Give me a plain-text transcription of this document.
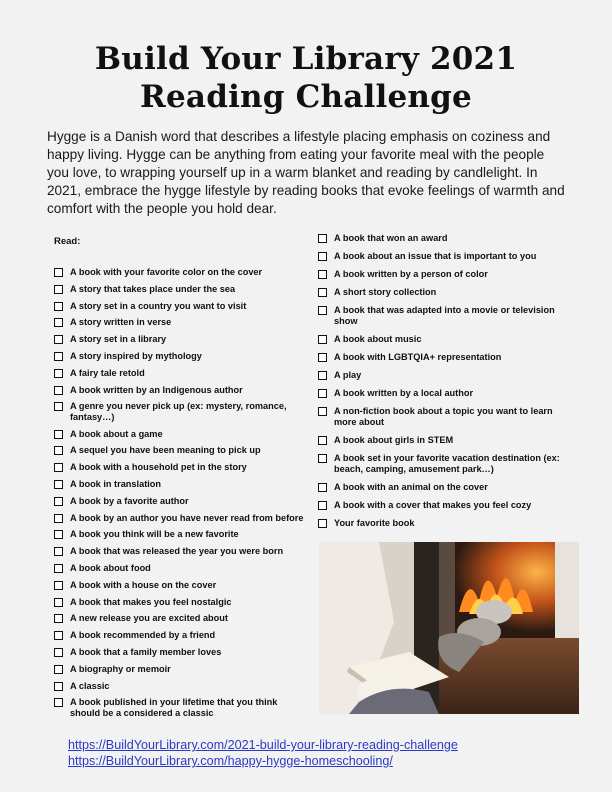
Build Your Library 2021
Reading Challenge
Hygge is a Danish word that describes a lifestyle placing emphasis on coziness and happy living. Hygge can be anything from eating your favorite meal with the people you love, to wrapping yourself up in a warm blanket and reading by candlelight. In 2021, embrace the hygge lifestyle by reading books that evoke feelings of warmth and comfort with the people you hold dear.
Read:
A book with your favorite color on the cover
A story that takes place under the sea
A story set in a country you want to visit
A story written in verse
A story set in a library
A story inspired by mythology
A fairy tale retold
A book written by an Indigenous author
A genre you never pick up (ex: mystery, romance, fantasy…)
A book about a game
A sequel you have been meaning to pick up
A book with a household pet in the story
A book in translation
A book by a favorite author
A book by an author you have never read from before
A book you think will be a new favorite
A book that was released the year you were born
A book about food
A book with a house on the cover
A book that makes you feel nostalgic
A new release you are excited about
A book recommended by a friend
A book that a family member loves
A biography or memoir
A classic
A book published in your lifetime that you think should be a considered a classic
A book that won an award
A book about an issue that is important to you
A book written by a person of color
A short story collection
A book that was adapted into a movie or television show
A book about music
A book with LGBTQIA+ representation
A play
A book written by a local author
A non-fiction book about a topic you want to learn more about
A book about girls in STEM
A book set in your favorite vacation destination (ex: beach, camping, amusement park…)
A book with an animal on the cover
A book with a cover that makes you feel cozy
Your favorite book
https://BuildYourLibrary.com/2021-build-your-library-reading-challenge
https://BuildYourLibrary.com/happy-hygge-homeschooling/
